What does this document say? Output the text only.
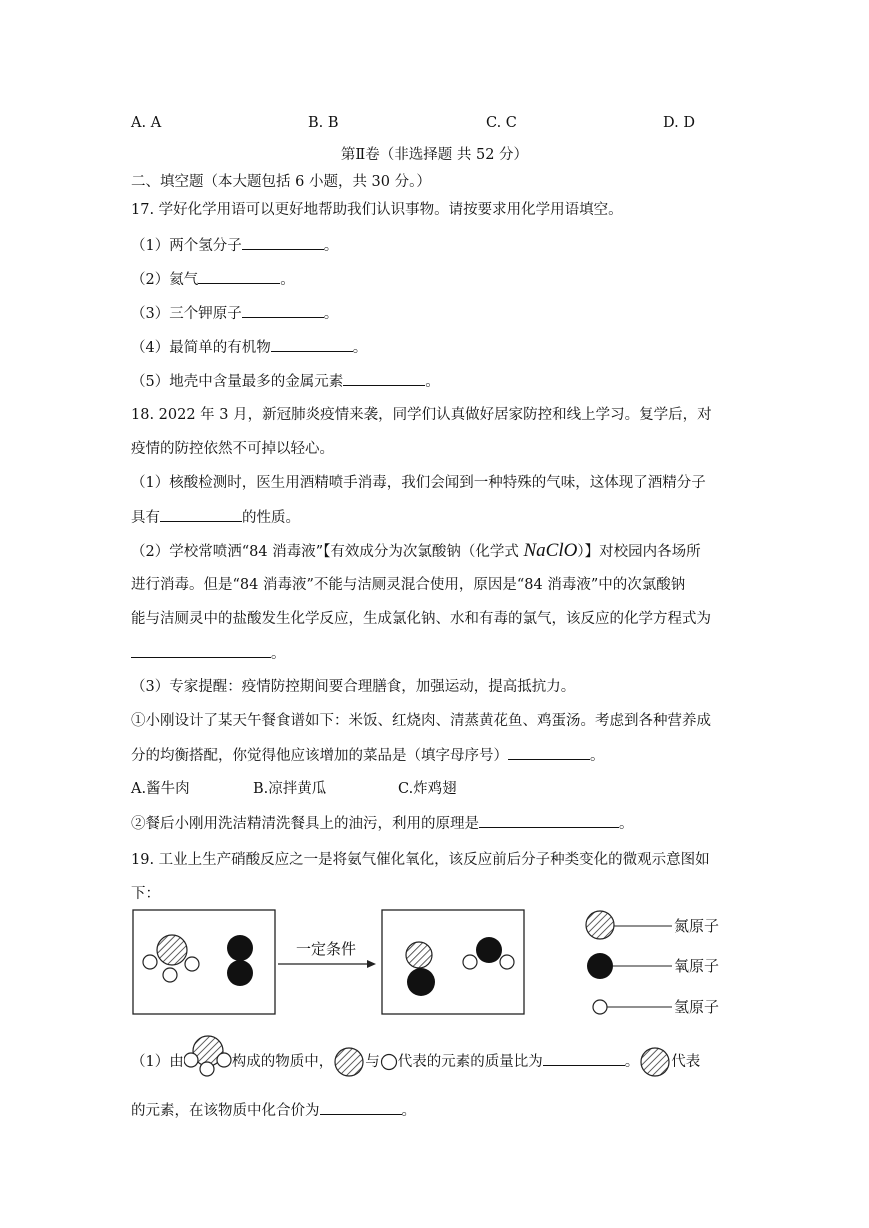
A. A	B. B	C. C	D. D
第Ⅱ卷（非选择题 共 52 分）
二、填空题（本大题包括 6 小题，共 30 分。）
17. 学好化学用语可以更好地帮助我们认识事物。请按要求用化学用语填空。
（1）两个氢分子	。
（2）氦气	。
（3）三个钾原子	。
（4）最简单的有机物	。
（5）地壳中含量最多的金属元素	。
18. 2022 年 3 月，新冠肺炎疫情来袭，同学们认真做好居家防控和线上学习。复学后，对
疫情的防控依然不可掉以轻心。
（1）核酸检测时，医生用酒精喷手消毒，我们会闻到一种特殊的气味，这体现了酒精分子
具有	的性质。
（2）学校常喷洒“84 消毒液”【有效成分为次氯酸钠（化学式 NaClO）】对校园内各场所
进行消毒。但是“84 消毒液”不能与洁厕灵混合使用，原因是“84 消毒液”中的次氯酸钠
能与洁厕灵中的盐酸发生化学反应，生成氯化钠、水和有毒的氯气，该反应的化学方程式为
。
（3）专家提醒：疫情防控期间要合理膳食，加强运动，提高抵抗力。
①小刚设计了某天午餐食谱如下：米饭、红烧肉、清蒸黄花鱼、鸡蛋汤。考虑到各种营养成
分的均衡搭配，你觉得他应该增加的菜品是（填字母序号）	。
A.酱牛肉	B.凉拌黄瓜	C.炸鸡翅
②餐后小刚用洗洁精清洗餐具上的油污，利用的原理是	。
19. 工业上生产硝酸反应之一是将氨气催化氧化，该反应前后分子种类变化的微观示意图如
下：
一定条件
氮原子
氧原子
氢原子
（1）由	构成的物质中， 与 代表的元素的质量比为	。 代表
的元素，在该物质中化合价为	。
